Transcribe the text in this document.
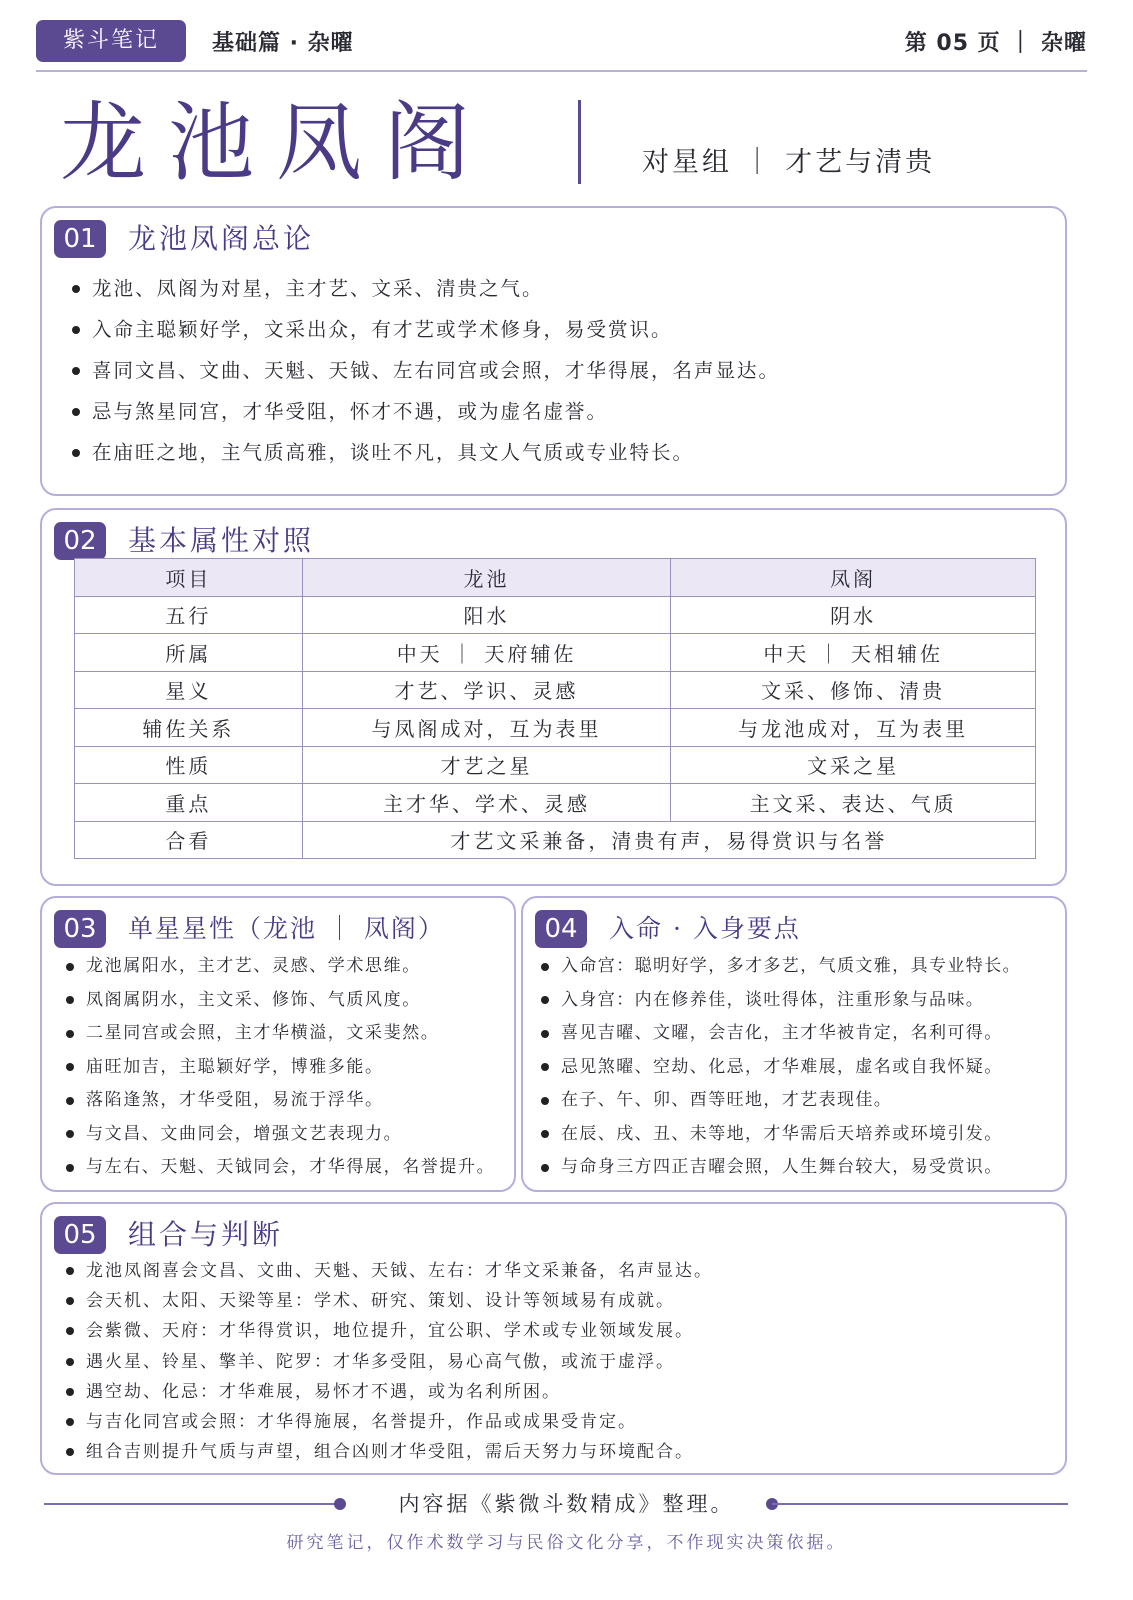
紫斗笔记	基础篇 · 杂曜	第 05 页 ｜ 杂曜
龙池凤阁	对星组 ｜ 才艺与清贵
01	龙池凤阁总论
龙池、凤阁为对星，主才艺、文采、清贵之气。
入命主聪颖好学，文采出众，有才艺或学术修身，易受赏识。
喜同文昌、文曲、天魁、天钺、左右同宫或会照，才华得展，名声显达。
忌与煞星同宫，才华受阻，怀才不遇，或为虚名虚誉。
在庙旺之地，主气质高雅，谈吐不凡，具文人气质或专业特长。
02	基本属性对照
项目	龙池	凤阁
五行	阳水	阴水
所属	中天 ｜ 天府辅佐	中天 ｜ 天相辅佐
星义	才艺、学识、灵感	文采、修饰、清贵
辅佐关系	与凤阁成对，互为表里	与龙池成对，互为表里
性质	才艺之星	文采之星
重点	主才华、学术、灵感	主文采、表达、气质
合看	才艺文采兼备，清贵有声，易得赏识与名誉	
03	单星星性（龙池 ｜ 凤阁）
龙池属阳水，主才艺、灵感、学术思维。
凤阁属阴水，主文采、修饰、气质风度。
二星同宫或会照，主才华横溢，文采斐然。
庙旺加吉，主聪颖好学，博雅多能。
落陷逢煞，才华受阻，易流于浮华。
与文昌、文曲同会，增强文艺表现力。
与左右、天魁、天钺同会，才华得展，名誉提升。
04	入命 · 入身要点
入命宫：聪明好学，多才多艺，气质文雅，具专业特长。
入身宫：内在修养佳，谈吐得体，注重形象与品味。
喜见吉曜、文曜，会吉化，主才华被肯定，名利可得。
忌见煞曜、空劫、化忌，才华难展，虚名或自我怀疑。
在子、午、卯、酉等旺地，才艺表现佳。
在辰、戌、丑、未等地，才华需后天培养或环境引发。
与命身三方四正吉曜会照，人生舞台较大，易受赏识。
05	组合与判断
龙池凤阁喜会文昌、文曲、天魁、天钺、左右：才华文采兼备，名声显达。
会天机、太阳、天梁等星：学术、研究、策划、设计等领域易有成就。
会紫微、天府：才华得赏识，地位提升，宜公职、学术或专业领域发展。
遇火星、铃星、擎羊、陀罗：才华多受阻，易心高气傲，或流于虚浮。
遇空劫、化忌：才华难展，易怀才不遇，或为名利所困。
与吉化同宫或会照：才华得施展，名誉提升，作品或成果受肯定。
组合吉则提升气质与声望，组合凶则才华受阻，需后天努力与环境配合。
内容据《紫微斗数精成》整理。
研究笔记，仅作术数学习与民俗文化分享，不作现实决策依据。
